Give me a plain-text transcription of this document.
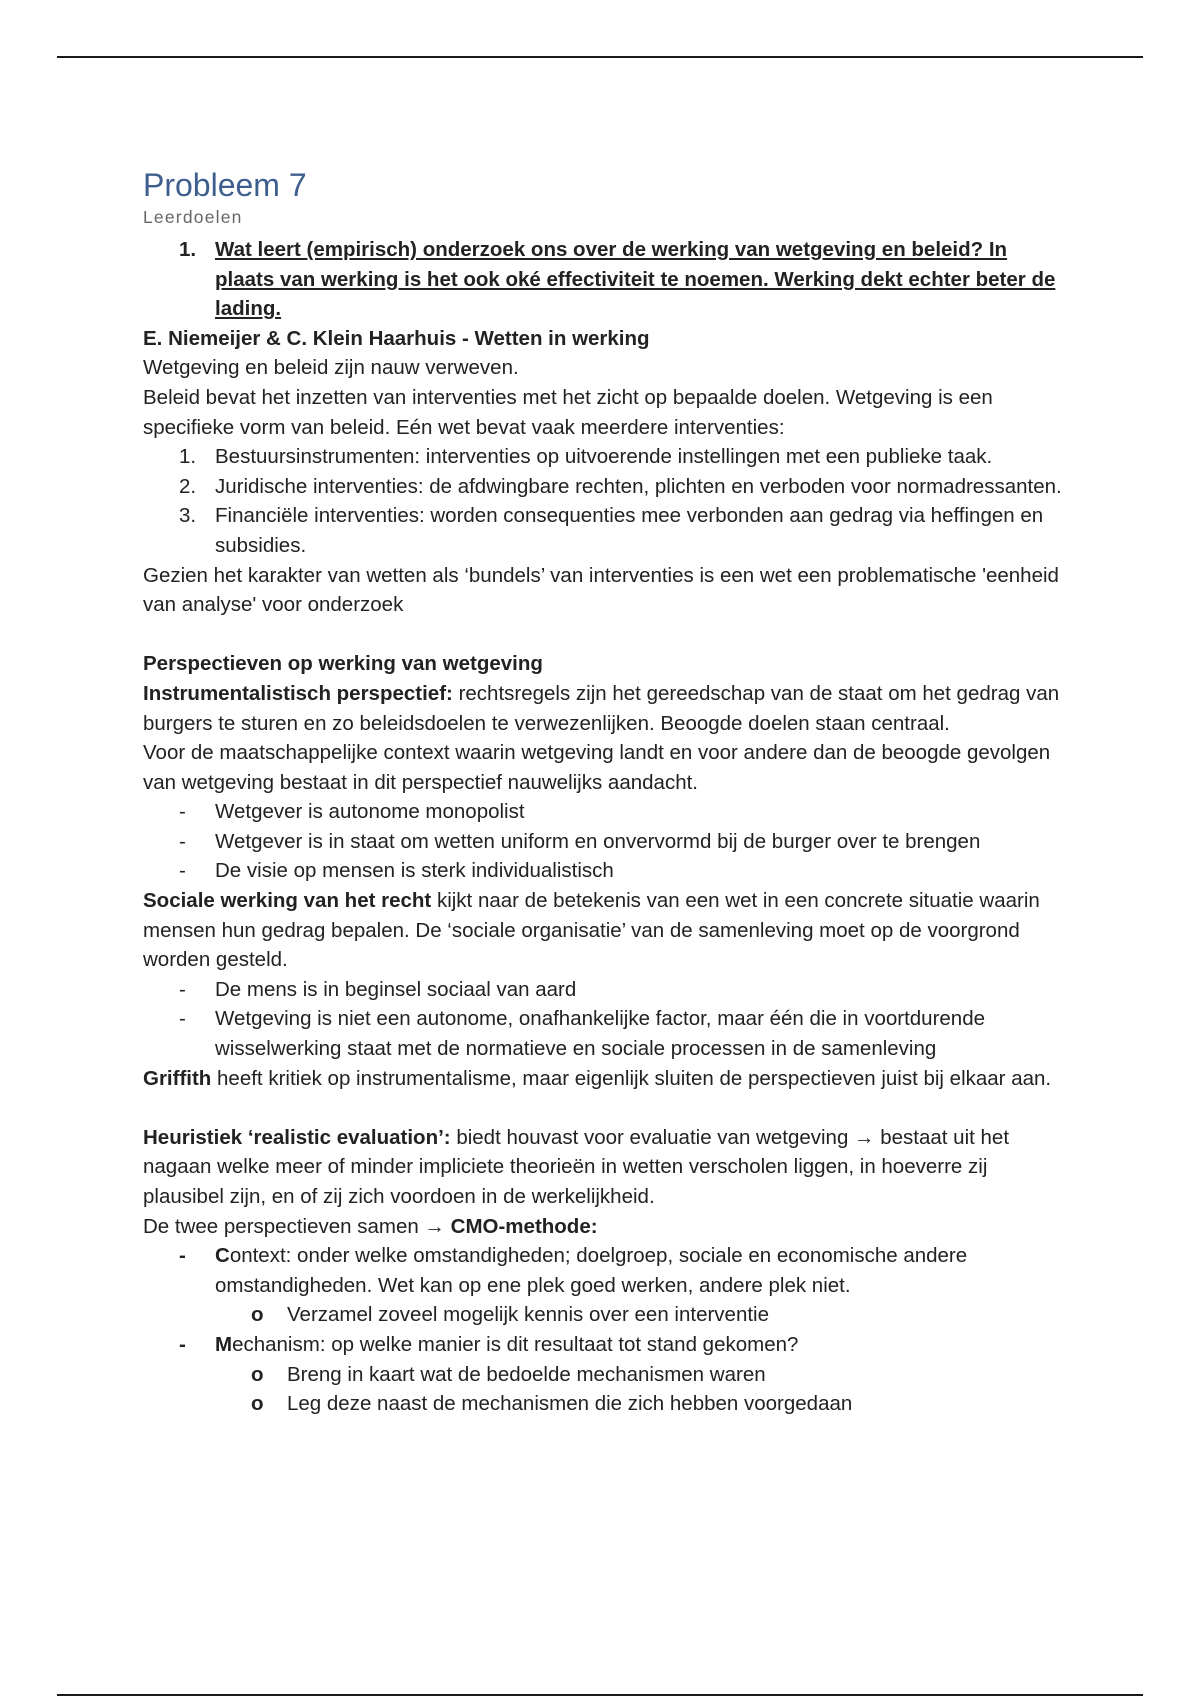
Probleem 7
Leerdoelen
1. Wat leert (empirisch) onderzoek ons over de werking van wetgeving en beleid? In plaats van werking is het ook oké effectiviteit te noemen. Werking dekt echter beter de lading.

E. Niemeijer & C. Klein Haarhuis - Wetten in werking

Wetgeving en beleid zijn nauw verweven.

Beleid bevat het inzetten van interventies met het zicht op bepaalde doelen. Wetgeving is een specifieke vorm van beleid. Eén wet bevat vaak meerdere interventies:

1. Bestuursinstrumenten: interventies op uitvoerende instellingen met een publieke taak.
2. Juridische interventies: de afdwingbare rechten, plichten en verboden voor normadressanten.
3. Financiële interventies: worden consequenties mee verbonden aan gedrag via heffingen en subsidies.

Gezien het karakter van wetten als ‘bundels’ van interventies is een wet een problematische 'eenheid van analyse' voor onderzoek

Perspectieven op werking van wetgeving

Instrumentalistisch perspectief: rechtsregels zijn het gereedschap van de staat om het gedrag van burgers te sturen en zo beleidsdoelen te verwezenlijken. Beoogde doelen staan centraal.

Voor de maatschappelijke context waarin wetgeving landt en voor andere dan de beoogde gevolgen van wetgeving bestaat in dit perspectief nauwelijks aandacht.

- Wetgever is autonome monopolist
- Wetgever is in staat om wetten uniform en onvervormd bij de burger over te brengen
- De visie op mensen is sterk individualistisch

Sociale werking van het recht kijkt naar de betekenis van een wet in een concrete situatie waarin mensen hun gedrag bepalen. De ‘sociale organisatie’ van de samenleving moet op de voorgrond worden gesteld.

- De mens is in beginsel sociaal van aard
- Wetgeving is niet een autonome, onafhankelijke factor, maar één die in voortdurende wisselwerking staat met de normatieve en sociale processen in de samenleving

Griffith heeft kritiek op instrumentalisme, maar eigenlijk sluiten de perspectieven juist bij elkaar aan.

Heuristiek ‘realistic evaluation’: biedt houvast voor evaluatie van wetgeving → bestaat uit het nagaan welke meer of minder impliciete theorieën in wetten verscholen liggen, in hoeverre zij plausibel zijn, en of zij zich voordoen in de werkelijkheid.

De twee perspectieven samen → CMO-methode:

- Context: onder welke omstandigheden; doelgroep, sociale en economische andere omstandigheden. Wet kan op ene plek goed werken, andere plek niet.
o Verzamel zoveel mogelijk kennis over een interventie
- Mechanism: op welke manier is dit resultaat tot stand gekomen?
o Breng in kaart wat de bedoelde mechanismen waren
o Leg deze naast de mechanismen die zich hebben voorgedaan
